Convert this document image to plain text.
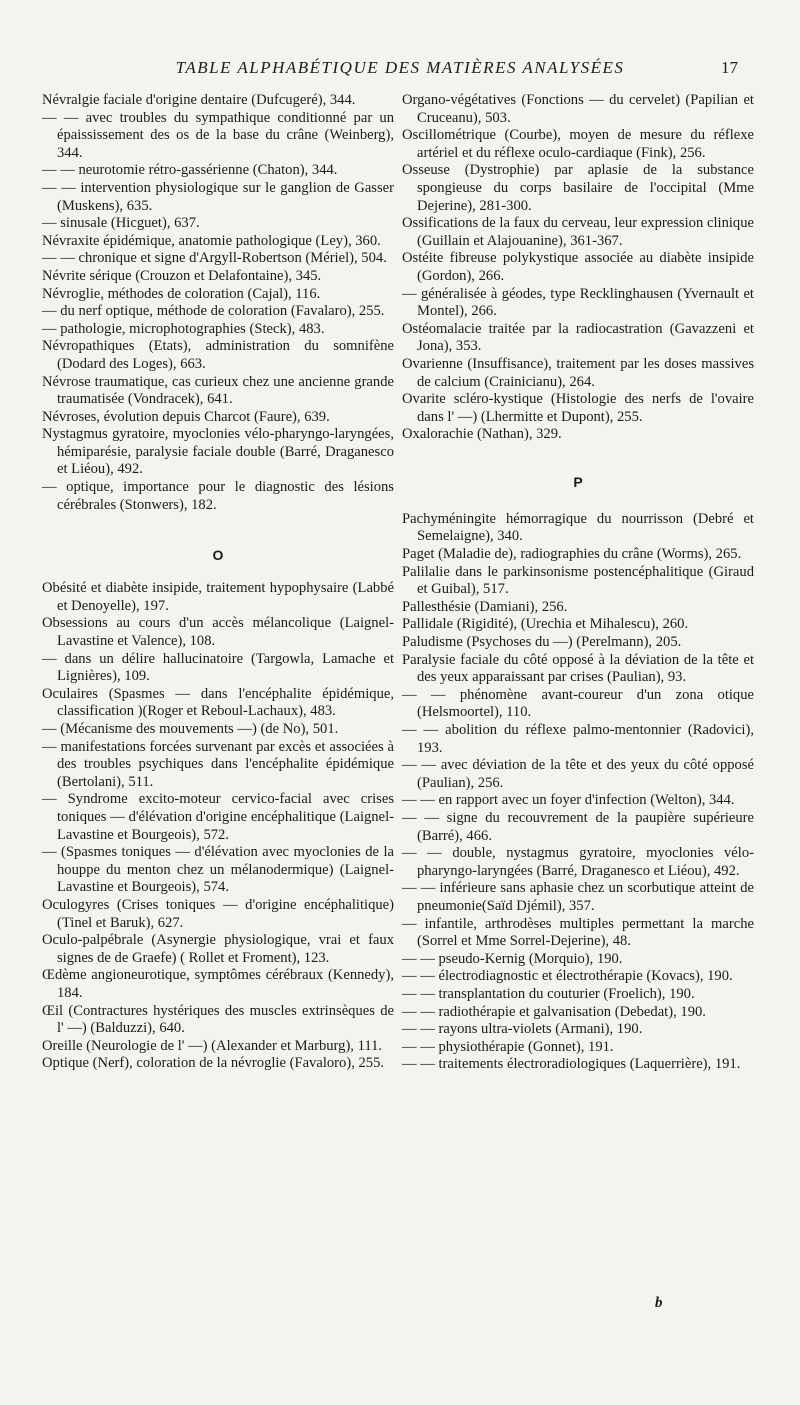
TABLE ALPHABÉTIQUE DES MATIÈRES ANALYSÉES	17

Névralgie faciale d'origine dentaire (Dufcugeré), 344.

— — avec troubles du sympathique conditionné par un épaississement des os de la base du crâne (Weinberg), 344.

— — neurotomie rétro-gassérienne (Chaton), 344.

— — intervention physiologique sur le ganglion de Gasser (Muskens), 635.

— sinusale (Hicguet), 637.

Névraxite épidémique, anatomie pathologique (Ley), 360.

— — chronique et signe d'Argyll-Robertson (Mériel), 504.

Névrite sérique (Crouzon et Delafontaine), 345.

Névroglie, méthodes de coloration (Cajal), 116.

— du nerf optique, méthode de coloration (Favalaro), 255.

— pathologie, microphotographies (Steck), 483.

Névropathiques (Etats), administration du somnifène (Dodard des Loges), 663.

Névrose traumatique, cas curieux chez une ancienne grande traumatisée (Vondracek), 641.

Névroses, évolution depuis Charcot (Faure), 639.

Nystagmus gyratoire, myoclonies vélo-pharyngo-laryngées, hémiparésie, paralysie faciale double (Barré, Draganesco et Liéou), 492.

— optique, importance pour le diagnostic des lésions cérébrales (Stonwers), 182.

O

Obésité et diabète insipide, traitement hypophysaire (Labbé et Denoyelle), 197.

Obsessions au cours d'un accès mélancolique (Laignel-Lavastine et Valence), 108.

— dans un délire hallucinatoire (Targowla, Lamache et Lignières), 109.

Oculaires (Spasmes — dans l'encéphalite épidémique, classification )(Roger et Reboul-Lachaux), 483.

— (Mécanisme des mouvements —) (de No), 501.

— manifestations forcées survenant par excès et associées à des troubles psychiques dans l'encéphalite épidémique (Bertolani), 511.

— Syndrome excito-moteur cervico-facial avec crises toniques — d'élévation d'origine encéphalitique (Laignel-Lavastine et Bourgeois), 572.

— (Spasmes toniques — d'élévation avec myoclonies de la houppe du menton chez un mélanodermique) (Laignel-Lavastine et Bourgeois), 574.

Oculogyres (Crises toniques — d'origine encéphalitique) (Tinel et Baruk), 627.

Oculo-palpébrale (Asynergie physiologique, vrai et faux signes de de Graefe) ( Rollet et Froment), 123.

Œdème angioneurotique, symptômes cérébraux (Kennedy), 184.

Œil (Contractures hystériques des muscles extrinsèques de l' —) (Balduzzi), 640.

Oreille (Neurologie de l' —) (Alexander et Marburg), 111.

Optique (Nerf), coloration de la névroglie (Favaloro), 255.

Organo-végétatives (Fonctions — du cervelet) (Papilian et Cruceanu), 503.

Oscillométrique (Courbe), moyen de mesure du réflexe artériel et du réflexe oculo-cardiaque (Fink), 256.

Osseuse (Dystrophie) par aplasie de la substance spongieuse du corps basilaire de l'occipital (Mme Dejerine), 281-300.

Ossifications de la faux du cerveau, leur expression clinique (Guillain et Alajouanine), 361-367.

Ostéite fibreuse polykystique associée au diabète insipide (Gordon), 266.

— généralisée à géodes, type Recklinghausen (Yvernault et Montel), 266.

Ostéomalacie traitée par la radiocastration (Gavazzeni et Jona), 353.

Ovarienne (Insuffisance), traitement par les doses massives de calcium (Crainicianu), 264.

Ovarite scléro-kystique (Histologie des nerfs de l'ovaire dans l' —) (Lhermitte et Dupont), 255.

Oxalorachie (Nathan), 329.

P

Pachyméningite hémorragique du nourrisson (Debré et Semelaigne), 340.

Paget (Maladie de), radiographies du crâne (Worms), 265.

Palilalie dans le parkinsonisme postencéphalitique (Giraud et Guibal), 517.

Pallesthésie (Damiani), 256.

Pallidale (Rigidité), (Urechia et Mihalescu), 260.

Paludisme (Psychoses du —) (Perelmann), 205.

Paralysie faciale du côté opposé à la déviation de la tête et des yeux apparaissant par crises (Paulian), 93.

— — phénomène avant-coureur d'un zona otique (Helsmoortel), 110.

— — abolition du réflexe palmo-mentonnier (Radovici), 193.

— — avec déviation de la tête et des yeux du côté opposé (Paulian), 256.

— — en rapport avec un foyer d'infection (Welton), 344.

— — signe du recouvrement de la paupière supérieure (Barré), 466.

— — double, nystagmus gyratoire, myoclonies vélo-pharyngo-laryngées (Barré, Draganesco et Liéou), 492.

— — inférieure sans aphasie chez un scorbutique atteint de pneumonie(Saïd Djémil), 357.

— infantile, arthrodèses multiples permettant la marche (Sorrel et Mme Sorrel-Dejerine), 48.

— — pseudo-Kernig (Morquio), 190.

— — électrodiagnostic et électrothérapie (Kovacs), 190.

— — transplantation du couturier (Froelich), 190.

— — radiothérapie et galvanisation (Debedat), 190.

— — rayons ultra-violets (Armani), 190.

— — physiothérapie (Gonnet), 191.

— — traitements électroradiologiques (Laquerrière), 191.

b
